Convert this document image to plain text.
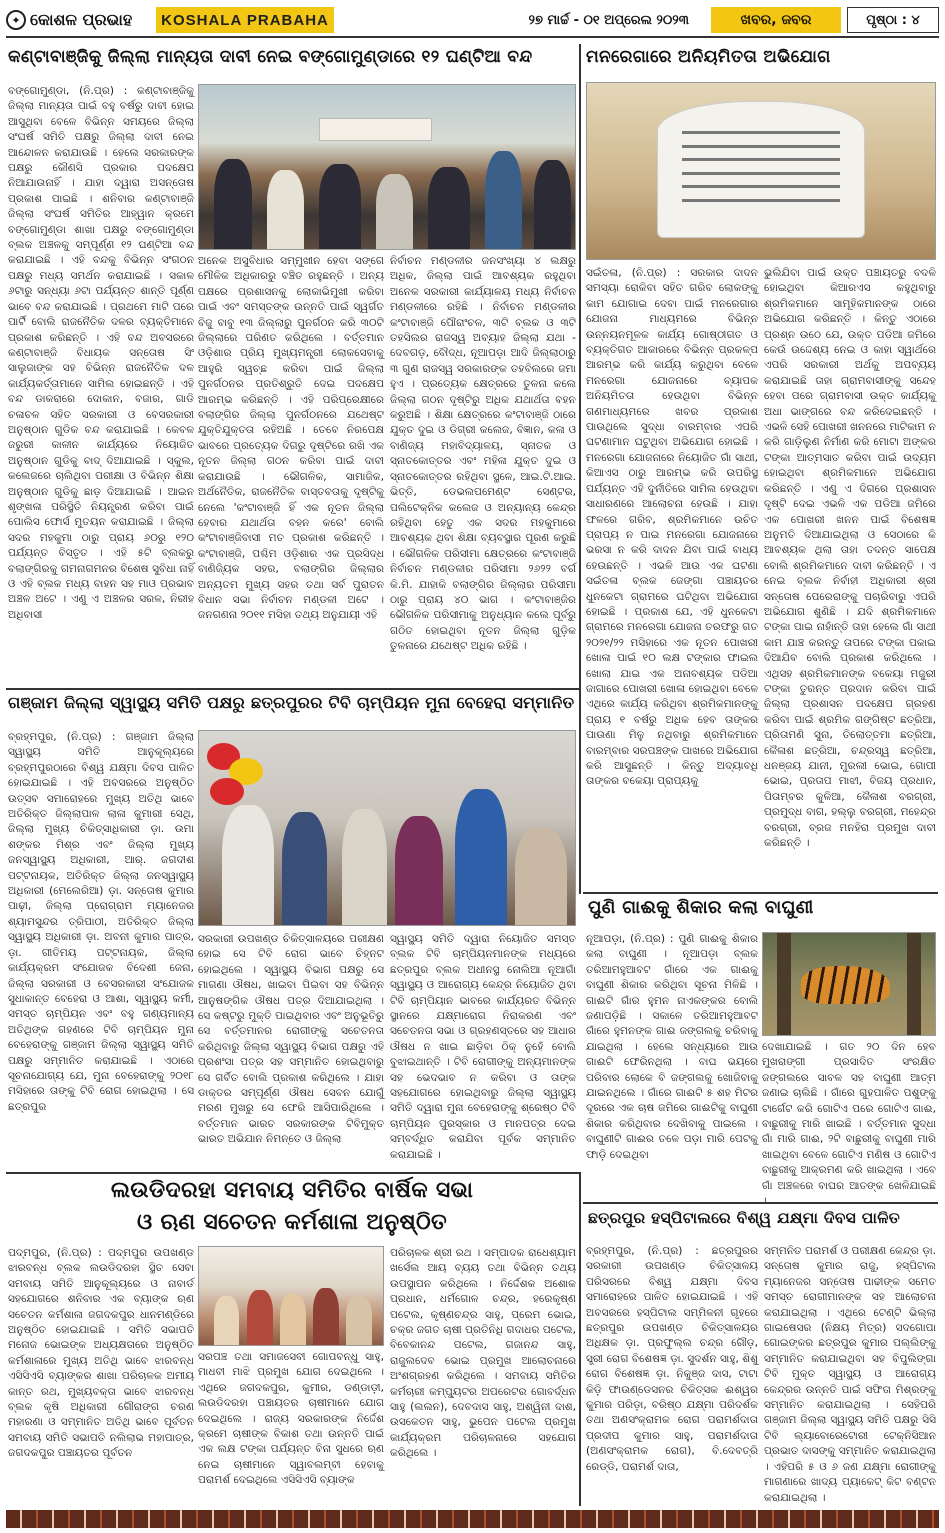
✦ କୋଶଳ ପ୍ରଭାହ	KOSHALA PRABAHA	୨୭ ମାର୍ଚ୍ଚ - ୦୧ ଅପ୍ରେଲ ୨୦୨୩	ଖବର, ଜବର	ପୃଷ୍ଠା : ୪
କଣ୍ଟାବାଞ୍ଜିକୁ ଜିଲ୍ଲା ମାନ୍ୟତା ଦାବୀ ନେଇ ବଙ୍ଗୋମୁଣ୍ଡାରେ ୧୨ ଘଣ୍ଟିଆ ବନ୍ଦ
ବଙ୍ଗୋମୁଣ୍ଡା, (ନି.ପ୍ର) : କଣ୍ଟାବାଞ୍ଜିକୁ ଜିଲ୍ଲା ମାନ୍ୟତା ପାଇଁ ବହୁ ବର୍ଷରୁ ଦାବୀ ହୋଇ ଆସୁଥିବା ବେଳେ ବିଭିନ୍ନ ସମୟରେ ଜିଲ୍ଲା ସଂଘର୍ଷ ସମିତି ପକ୍ଷରୁ ଜିଲ୍ଲା ଦାବୀ ନେଇ ଆନ୍ଦୋଳନ କରାଯାଉଛି । ହେଲେ ସରକାରଙ୍କ ପକ୍ଷରୁ କୌଣସି ପ୍ରକାର ପଦକ୍ଷେପ ନିଆଯାଉନାହିଁ । ଯାହା ଦ୍ୱାରା ଅସନ୍ତୋଷ ପ୍ରକାଶ ପାଇଛି । ଶନିବାର କଣ୍ଟାବାଞ୍ଜି ଜିଲ୍ଲା ସଂଘର୍ଷ ସମିତିର ଆହ୍ୱାନ କ୍ରମେ ବଙ୍ଗୋମୁଣ୍ଡା ଶାଖା ପକ୍ଷରୁ ବଙ୍ଗୋମୁଣ୍ଡା ବ୍ଲକ ଅଞ୍ଚଳକୁ ସମ୍ପୂର୍ଣ୍ଣ ୧୨ ଘଣ୍ଟିଆ ବନ୍ଦ କରାଯାଇଛି । ଏହି ବନ୍ଦକୁ ବିଭିନ୍ନ ସଂଗଠନ ପକ୍ଷରୁ ମଧ୍ୟ ସମର୍ଥନ କରାଯାଇଛି । ସକାଳ ୬ଟାରୁ ସନ୍ଧ୍ୟା ୬ଟା ପର୍ଯ୍ୟନ୍ତ ଶାନ୍ତି ପୂର୍ଣ୍ଣ ଭାବେ ବନ୍ଦ କରାଯାଇଛି । ପ୍ରଥମେ ମାଟି ପରେ ପାର୍ଟି ବୋଲି ରାଜନୈତିକ ଦଳର ବ୍ୟକ୍ତିମାନେ ପ୍ରକାଶ କରିଛନ୍ତି । ଏହି ବନ୍ଦ ଅବସରରେ କଣ୍ଟାବାଞ୍ଜି ବିଧାୟକ ସନ୍ତୋଷ ସିଂ ସାଲୁଜାଙ୍କ ସହ ବିଭିନ୍ନ ରାଜନୈତିକ ଦଳ କାର୍ଯ୍ୟକର୍ତ୍ତାମାନେ ସାମିଲ ହୋଇଛନ୍ତି । ଏହି ବନ୍ଦ ଡାକରାରେ ଦୋକାନ, ବଜାର, ଗାଡି ଚଳାଚଳ ସହିତ ସରକାରୀ ଓ ବେସରକାରୀ ଅନୁଷ୍ଠାନ ଗୁଡିକ ବନ୍ଦ କରାଯାଇଛି । କେବଳ ଜରୁରୀ କାଳୀନ କାର୍ଯ୍ୟରେ ନିୟୋଜିତ ଅନୁଷ୍ଠାନ ଗୁଡିକୁ ବାଦ୍ ଦିଆଯାଇଛି । ସ୍କୁଲ, କଲେଜରେ ଚାଲିଥିବା ପରୀକ୍ଷା ଓ ବିଭିନ୍ନ ଶିକ୍ଷା ଅନୁଷ୍ଠାନ ଗୁଡିକୁ ଛାଡ଼ ଦିଆଯାଇଛି । ଆଇନ ଶୃଙ୍ଖଳା ପରିସ୍ଥିତି ନିୟନ୍ତ୍ରଣ କରିବା ପାଇଁ ପୋଲିସ ଫୋର୍ସ ମୁତୟନ କରାଯାଇଛି । ଜିଲ୍ଲା ସଦର ମହକୁମା ଠାରୁ ପ୍ରାୟ ୬୦ରୁ ୧୨୦ ପର୍ଯ୍ୟନ୍ତ ବିସ୍ତୃତ । ଏହି ୫ଟି ବ୍ଲକରୁ ବଲାଙ୍ଗିରକୁ ଗମନାଗମନର ବିଶେଷ ସୁବିଧା ନାହିଁ ଓ ଏହି ବ୍ଲକ ମଧ୍ୟ ବାହନ ସହ ମାଓ ପ୍ରଭାବ ଅଞ୍ଚଳ ଅଟେ । ଏଣୁ ଏ ଅଞ୍ଚଳର ସରଳ, ନିରୀହ ଅଧିବାସୀ
ଅନେକ ଅସୁବିଧାର ସମ୍ମୁଖୀନ ହେବା ସଙ୍ଗେ ମୌଳିକ ଅଧିକାରରୁ ବଞ୍ଚିତ ରହୁଛନ୍ତି । ଅନ୍ୟ ପକ୍ଷରେ ପ୍ରଶାସନକୁ ଲୋକାଭିମୁଖୀ କରିବା ପାଇଁ ଏବଂ ସମସ୍ତଙ୍କ ଉନ୍ନତି ପାଇଁ ସ୍ୱର୍ଗତ ବିଜୁ ବାବୁ ୧୩ ଜିଲ୍ଲାରୁ ପୁନର୍ଗଠନ କରି ୩୦ଟି ଜିଲ୍ଲାରେ ପରିଣତ କରିଥିଲେ । ବର୍ତ୍ତମାନ ଓଡ଼ିଶାର ପ୍ରିୟ ମୁଖ୍ୟମନ୍ତ୍ରୀ ଲୋକସେବାକୁ ଆହୁରି ସ୍ୱଚ୍ଛ କରିବା ପାଇଁ ଜିଲ୍ଲା ପୁନର୍ଗଠନର ପ୍ରତିଶ୍ରୁତି ଦେଇ ପଦକ୍ଷେପ ଆରମ୍ଭ କରିଛନ୍ତି । ଏହି ପରିପ୍ରେକ୍ଷୀରେ ବଲାଙ୍ଗିର ଜିଲ୍ଲା ପୁନର୍ଗଠନରେ ଯଥେଷ୍ଟ ଯୁକ୍ତିଯୁକ୍ତତା ରହିଅଛି । ତେବେ ନିରପେକ୍ଷ ଭାବରେ ପ୍ରତ୍ୟେକ ଦିଗରୁ ଦୃଷ୍ଟିରେ ରଖି ଏକ ନୂତନ ଜିଲ୍ଲା ଗଠନ କରିବା ପାଇଁ ଦାବୀ କରାଯାଉଛି । ଭୌଗଳିକ, ସାମାଜିକ, ଅର୍ଥନୈତିକ, ରାଜନୈତିକ ବାସ୍ତବତାକୁ ଦୃଷ୍ଟିକୁ ନେଲେ 'କଂଟାବାଞ୍ଜି ହିଁ ଏକ ନୂତନ ଜିଲ୍ଲା ହେବାର ଯଥାର୍ଥତା ବହନ କରେ' ବୋଲି କଂଟାବାଞ୍ଜିବାସୀ ମତ ପ୍ରକାଶ କରିଛନ୍ତି । କଂଟାବାଞ୍ଜି, ପଶ୍ଚିମ ଓଡ଼ିଶାର ଏକ ପ୍ରସିଦ୍ଧ ବାଣିଜ୍ୟିକ ସହର, ବଲାଙ୍ଗିର ଜିଲ୍ଲାର ଅନ୍ୟତମ ମୁଖ୍ୟ ସହର ତଥା ସର୍ବ ପୁରାତନ ବିଧାନ ସଭା ନିର୍ବାଚନ ମଣ୍ଡଳୀ ଅଟେ । ଜନଗଣନା ୨୦୧୧ ମସିହା ତଥ୍ୟ ଅନୁଯାୟୀ ଏହି
ନିର୍ବାଚନ ମଣ୍ଡଳୀର ଜନସଂଖ୍ୟା ୪ ଲକ୍ଷରୁ ଅଧିକ, ଜିଲ୍ଲା ପାଇଁ ଆବଶ୍ୟକ ରହୁଥିବା ଅନେକ ସରକାରୀ କାର୍ଯ୍ୟାଳୟ ମଧ୍ୟ ନିର୍ବାଚନ ମଣ୍ଡଳୀରେ ରହିଛି । ନିର୍ବାଚନ ମଣ୍ଡଳୀର କଂଟାବାଞ୍ଜି ପୌରାଂଚଳ, ୩ଟି ବ୍ଲକ ଓ ୩ଟି ତହସିଲର ରାଜସ୍ୱ ଅବ୍ୟାହ ଜିଲ୍ଲା ଯଥା - ଦେବଗଡ଼, ବୌଦ୍ଧ, ନୂଆପଡ଼ା ଆଦି ଜିଲ୍ଲାଠାରୁ ୩ ଗୁଣ ରାଜସ୍ୱ ସରକାରଙ୍କ ତହବିଲରେ ଜମା ହୁଏ । ପ୍ରତ୍ୟେକ କ୍ଷେତ୍ରରେ ତୁଳନା କଲେ ଜିଲ୍ଲା ଗଠନ ଦୃଷ୍ଟିରୁ ଅଧିକ ଯଥାର୍ଥତା ବହନ କରୁଅଛି । ଶିକ୍ଷା କ୍ଷେତ୍ରରେ କଂଟାବାଞ୍ଜି ଠାରେ ଯୁକ୍ତ ଦୁଇ ଓ ଡିଗ୍ରୀ କଲେଜ, ବିଜ୍ଞାନ, କଳା ଓ ବାଣିଜ୍ୟ ମହାବିଦ୍ୟାଳୟ, ସ୍ନାତକ ଓ ସ୍ନାତକୋତ୍ତର ଏବଂ ମହିଳା ଯୁକ୍ତ ଦୁଇ ଓ ସ୍ନାତକୋତ୍ତର ରହିଥିବା ସ୍ଥଳେ, ଆଇ.ଟି.ଆଇ. ଭିତ୍ତି, ଡେଭଲପମେଣ୍ଟ ସେଣ୍ଟର, ପଲିଟେକ୍ନିକ କଲେଜ ଓ ଅନ୍ୟାନ୍ୟ କେନ୍ଦ୍ର ରହିଥିବା ହେତୁ ଏକ ସଦର ମହକୁମାରେ ଆବଶ୍ୟକ ଥିବା ଶିକ୍ଷା ବ୍ୟବସ୍ଥାର ପୂରଣ କରୁଛି । ଭୌଗଳିକ ପରିସୀମା କ୍ଷେତ୍ରରେ କଂଟାବାଞ୍ଜି ନିର୍ବାଚନ ମଣ୍ଡଳୀର ପରିସୀମା ୨୬୨୨ ବର୍ଗ କି.ମି. ଯାହାକି ବଲାଙ୍ଗିର ଜିଲ୍ଲାର ପରିସୀମା ଠାରୁ ପ୍ରାୟ ୪୦ ଭାଗ । କଂଟାବାଞ୍ଜିର ଭୌଗଳିକ ପରିସୀମାକୁ ଅନୁଧ୍ୟାନ କଲେ ପୂର୍ବରୁ ଗଠିତ ହୋଇଥିବା ନୂତନ ଜିଲ୍ଲା ଗୁଡ଼ିକ ତୁଳନାରେ ଯଥେଷ୍ଟ ଅଧିକ ରହିଛି ।
ମନରେଗାରେ ଅନିୟମିତତା ଅଭିଯୋଗ
ସଇଁତଳା, (ନି.ପ୍ର) : ସରକାର ଦାଦନ ସମସ୍ୟା ରୋକିବା ସହିତ ଗରିବ ଲୋକଙ୍କୁ କାମ ଯୋଗାଇ ଦେବା ପାଇଁ ମନରେଗାର ଯୋଜନା ମାଧ୍ୟମରେ ବିଭିନ୍ନ ଉନ୍ନୟନମୂଳକ କାର୍ଯ୍ୟ ଗୋଷ୍ଠୀଗତ ଓ ବ୍ୟକ୍ତିଗତ ଆକାରରେ ବିଭିନ୍ନ ପ୍ରକଳ୍ପ ଆରମ୍ଭ କରି କାର୍ଯ୍ୟ କରୁଥିବା ବେଳେ ମନରେଗା ଯୋଜନାରେ ବ୍ୟାପକ ଅନିୟମିତତା ହେଉଥିବା ବିଭିନ୍ନ ଗଣମାଧ୍ୟମରେ ଖବର ପ୍ରକାଶ ପାଉଥିଲେ ସୁଦ୍ଧା ବାରମ୍ବାର ଏପରି ଘଟଣାମାନ ଘଟୁଥିବା ଅଭିଯୋଗ ହୋଇଛି । ମନରେଗା ଯୋଜନାରେ ନିୟୋଜିତ ଗାଁ ସାଥୀ, କିଆଏସ ଠାରୁ ଆରମ୍ଭ କରି ଉପରିସ୍ଥ ପର୍ଯ୍ୟନ୍ତ ଏହି ଦୁର୍ନୀତିରେ ସାମିଲ ହେଉଥିବା ସାଧାରଣରେ ଆଲୋଚନା ହେଉଛି । ଯାହା ଫଳରେ ଗରିବ, ଶ୍ରମିକମାନେ ଉଚିତ ପ୍ରାପ୍ୟ ନ ପାଇ ମନରେଗା ଯୋଜନାରେ ଭରସା ନ କରି ଦାଦନ ଯିବା ପାଇଁ ବାଧ୍ୟ ହେଉଛନ୍ତି । ଏଭଳି ଆଉ ଏକ ଘଟଣା ସଇଁତଳା ବ୍ଲକ ଜେଙ୍ଗା ପଞ୍ଚାୟତର ଧୁନକେଟା ଗ୍ରାମରେ ଘଟିଥିବା ଅଭିଯୋଗ ହୋଇଛି । ପ୍ରକାଶ ଯେ, ଏହି ଧୁନକେଟା ଗ୍ରାମରେ ମନରେଗା ଯୋଜନା ତରଫରୁ ଗତ ୨୦୨୧/୨୨ ମସିହାରେ ଏକ ନୂତନ ପୋଖରୀ ଖୋଳା ପାଇଁ ୧୦ ଲକ୍ଷ ଟଙ୍କାର ଫାଇଲ ଖୋଲା ଯାଇ ଏକ ଅନାବଶ୍ୟକ ପଡିଆ ଜାଗାରେ ପୋଖରୀ ଖୋଳା ହୋଇଥିବା ବେଳେ ଏଥିରେ କାର୍ଯ୍ୟ କରିଥିବା ଶ୍ରମିକମାନଙ୍କୁ ପ୍ରାୟ ୧ ବର୍ଷରୁ ଅଧିକ ହେବ ତାଙ୍କର ପାଉଣା ମିଳୁ ନଥିବାରୁ ଶ୍ରମିକମାନେ ବାରମ୍ବାର ସରପଞ୍ଚଙ୍କ ପାଖରେ ଅଭିଯୋଗ କରି ଆସୁଛନ୍ତି । କିନ୍ତୁ ଅଦ୍ୟାବଧି ତାଙ୍କର ବକେୟା ପ୍ରାପ୍ୟକୁ
ଭୁଲିଯିବା ପାଇଁ ଉକ୍ତ ପଞ୍ଚାୟତରୁ ବଦଳି ହୋଇଥିବା କିଆରଏସ କହୁଥିବାରୁ ଶ୍ରମିକମାନେ ସାମୂହିକମାନଙ୍କ ଠାରେ ଅଭିଯୋଗ କରିଛନ୍ତି । କିନ୍ତୁ ଏଠାରେ ପ୍ରଶ୍ନ ଉଠେ ଯେ, ଉକ୍ତ ପଡିଆ ଜମିରେ କେଉଁ ଉଦ୍ଦେଶ୍ୟ ନେଇ ଓ କାହା ସ୍ୱାର୍ଥରେ ଏପରି ସରକାରୀ ଅର୍ଥକୁ ଅପବ୍ୟୟ କରାଯାଇଛି ତାହା ଗ୍ରାମବାସୀଙ୍କୁ ସନ୍ଦେହ ହେବା ପରେ ଗ୍ରାମବାସୀ ଉକ୍ତ କାର୍ଯ୍ୟକୁ ଅଧା ଭାଙ୍ଗରେ ବନ୍ଦ କରିଦେଇଛନ୍ତି । ଏଭଳି ସେହି ପୋଖରୀ ଖନନରେ ମାଟିକାମ ନ କରି ଗାଡ଼ିଲୁଣ ନିର୍ମାଣ କରି ମୋଟା ଅଙ୍କର ଟଙ୍କା ଆତ୍ମସାତ କରିବା ପାଇଁ ଉଦ୍ୟମ ହୋଇଥିବା ଶ୍ରମିକମାନେ ଅଭିଯୋଗ କରିଛନ୍ତି । ଏଣୁ ଏ ଦିଗରେ ପ୍ରଶାସନ ଦୃଷ୍ଟି ଦେଇ ଏଭଳି ଏକ ପଡିଆ ଜମିରେ ଏକ ପୋଖରୀ ଖନନ ପାଇଁ ବିଶେଷଜ୍ଞ ଅନୁମତି ଦିଆଯାଇଥିଲା ଓ ସେଠାରେ କି ଆବଶ୍ୟକ ଥିଲା ତାହା ତଦନ୍ତ ସାପେକ୍ଷ ବୋଲି ଶ୍ରମିକମାନେ ଦାବୀ କରିଛନ୍ତି । ଏ ନେଇ ବ୍ଲକ ନିର୍ବାହୀ ଅଧିକାରୀ ଶ୍ରୀ ସନ୍ତୋଷ ପେରେରାଙ୍କୁ ପଚାରିବାରୁ ଏପରି ଅଭିଯୋଗ ଶୁଣିଛି । ଯଦି ଶ୍ରମିକମାନେ ଟଙ୍କା ପାଇ ନାହାଁନ୍ତି ତାହା ହେଲେ ଗାଁ ସାଥୀ କାମ ଯାଞ୍ଚ କରନ୍ତୁ ତାପରେ ଟଙ୍କା ପକାଇ ଦିଆଯିବ ବୋଲି ପ୍ରକାଶ କରିଥିଲେ । ଏଥିସହ ଶ୍ରମିକମାନଙ୍କ ବକେୟା ମଜୁରୀ ଟଙ୍କା ତୁରନ୍ତ ପ୍ରଦାନ କରିବା ପାଇଁ ଜିଲ୍ଲା ପ୍ରଶାସନ ପଦକ୍ଷେପ ଗ୍ରହଣ କରିବା ପାଇଁ ଶ୍ରମିକ ଗଙ୍ଗିଷ୍ଟ ଛତ୍ରିଆ, ପ୍ରିତାମଣି ସୁନା, ତିଲୋତ୍ତମା ଛତ୍ରିଆ, କୈଳାଶ ଛତ୍ରିଆ, ଚନ୍ଦ୍ରସ୍ୱ ଛତ୍ରିଆ, ଧନଞ୍ଜୟ ଯାନୀ, ମୁରଲୀ ଭୋଇ, ଗୋପୀ ଭୋଇ, ପ୍ରତାପ ମାଝୀ, ବିଜୟ ପ୍ରଧାନ, ପିତାମ୍ବର କୁଳିଆ, କୈଳାଶ ବରଗ୍ରୀ, ପ୍ରମୁଦ୍ଧ ବାଗ, ହଲ୍ଲୁ ବରଗ୍ରୀ, ମହେନ୍ଦ୍ର ବରଗ୍ରୀ, ବ୍ରଜ ମନହିରା ପ୍ରମୁଖ ଦାବୀ କରିଛନ୍ତି ।
ଗଞ୍ଜାମ ଜିଲ୍ଲା ସ୍ୱାସ୍ଥ୍ୟ ସମିତି ପକ୍ଷରୁ ଛତ୍ରପୁରର ଟିବି ଚାମ୍ପିୟନ ମୁନା ବେହେରା ସମ୍ମାନିତ
ବ୍ରହ୍ମପୁର, (ନି.ପ୍ର) : ଗଞ୍ଜାମ ଜିଲ୍ଲା ସ୍ୱାସ୍ଥ୍ୟ ସମିତି ଆନୁକୂଲ୍ୟରେ ବ୍ରହ୍ମପୁରଠାରେ ବିଶ୍ୱ ଯକ୍ଷ୍ମା ଦିବସ ପାଳିତ ହୋଇଯାଇଛି । ଏହି ଅବସରରେ ଅନୁଷ୍ଠିତ ଉତ୍ସବ ସମାରୋହରେ ମୁଖ୍ୟ ଅତିଥି ଭାବେ ଅତିରିକ୍ତ ଜିଲ୍ଲାପାଳ ଲାଳା କୁମାରୀ ସେଥି, ଜିଲ୍ଲା ମୁଖ୍ୟ ଚିକିତ୍ସାଧିକାରୀ ଡ଼ା. ଉମା ଶଙ୍କର ମିଶ୍ର ଏବଂ ଜିଲ୍ଲା ମୁଖ୍ୟ ଜନସ୍ୱାସ୍ଥ୍ୟ ଅଧିକାରୀ, ଆର୍. ଜଗଦୀଶ ପଟ୍ଟନାୟକ, ଅତିରିକ୍ତ ଜିଲ୍ଲା ଜନସ୍ୱାସ୍ଥ୍ୟ ଅଧିକାରୀ (ମେଲେରିଆ) ଡ଼ା. ସନ୍ତୋଷ କୁମାର ପାଢ଼ୀ, ଜିଲ୍ଲା ପ୍ରୋଗ୍ରାମ ମ୍ୟାନେଜର ଶ୍ୟାମସୁନ୍ଦର ତ୍ରିପାଠୀ, ଅତିରିକ୍ତ ଜିଲ୍ଲା ସ୍ୱାସ୍ଥ୍ୟ ଅଧିକାରୀ ଡ଼ା. ଅବନୀ କୁମାର ପାତ୍ର, ଡ଼ା. ଗୀତିମୟ ପଟ୍ଟନାୟକ, ଜିଲ୍ଲା କାର୍ଯ୍ୟକ୍ରମ ସଂଯୋଜକ ବିଦେଶୀ ଜେନା, ଜିଲ୍ଲା ସରକାରୀ ଓ ବେସରକାରୀ ସଂଯୋଜକ ସୁଧାକାନ୍ତ ବେହେରା ଓ ଆଶା, ସ୍ୱାସ୍ଥ୍ୟ କର୍ମୀ, ସମସ୍ତ ଚାମ୍ପିୟନ ଏବଂ ବହୁ ଗଣ୍ୟମାନ୍ୟ ଅତିଥିଙ୍କ ଗହଣରେ ଟିବି ଚାମ୍ପିୟନ ମୁନା ବେହେରାଙ୍କୁ ଗଞ୍ଜାମ ଜିଲ୍ଲା ସ୍ୱାସ୍ଥ୍ୟ ସମିତି ପକ୍ଷରୁ ସମ୍ମାନିତ କରାଯାଇଛି । ଏଠାରେ ସୂଚନାଯୋଗ୍ୟ ଯେ, ମୁନା ବେହେରାଙ୍କୁ ୨୦୧୮ ମସିହାରେ ତାଙ୍କୁ ଟିବି ରୋଗ ହୋଇଥିଲା । ସେ ଛତ୍ରପୁର
ସରକାରୀ ଉପଖଣ୍ଡ ଚିକିତ୍ସାଳୟରେ ପରୀକ୍ଷଣ ହୋଇ ସେ ଟିବି ରୋଗ ଭାବେ ଚିହ୍ନଟ ହୋଇଥିଲେ । ସ୍ୱାସ୍ଥ୍ୟ ବିଭାଗ ପକ୍ଷରୁ ସେ ମାଗଣା ଔଷଧ, ଖାଇବା ପିଇବା ସହ ବିଭିନ୍ନ ଆନୁଷଙ୍ଗିକ ଔଷଧ ପତ୍ର ଦିଆଯାଇଥିଲା । ସେ କଷ୍ଟରୁ ମୁକ୍ତି ପାଇଥିବାର ଏବଂ ଅନୁଭୂତିରୁ ସେ ବର୍ତ୍ତମାନର ରୋଗୀଙ୍କୁ ସଚେତନତା କରିଥିବାରୁ ଜିଲ୍ଲା ସ୍ୱାସ୍ଥ୍ୟ ବିଭାଗ ପକ୍ଷରୁ ଏହି ପ୍ରଶଂସା ପତ୍ର ସହ ସମ୍ମାନିତ ହୋଇଥିବାରୁ ସେ ଗର୍ବିତ ବୋଲି ପ୍ରକାଶ କରିଥିଲେ । ଯାହା ଡାକ୍ତର ସମ୍ପୂର୍ଣ୍ଣ ଔଷଧ ସେବନ ଯୋଗୁଁ ମରଣ ମୁଖରୁ ସେ ଫେରି ଆସିପାରିଥିଲେ । ବର୍ତ୍ତମାନ ଭାରତ ସରକାରଙ୍କ ଟିବିମୁକ୍ତ ଭାରତ ଅଭିଯାନ ନିମନ୍ତେ ଓ ଜିଲ୍ଲା
ସ୍ୱାସ୍ଥ୍ୟ ସମିତି ଦ୍ୱାରା ନିୟୋଜିତ ସମସ୍ତ ବ୍ଲକ ଟିବି ଚାମ୍ପିୟନମାନଙ୍କ ମଧ୍ୟରେ ଛତ୍ରପୁର ବ୍ଲକ ଅଧୀନସ୍ଥ ନୋଲିଆ ନୂଆଗାଁ ସ୍ୱାସ୍ଥ୍ୟ ଓ ଆରୋଗ୍ୟ କେନ୍ଦ୍ର ନିୟୋଜିତ ଥିବା ଟିବି ଚାମ୍ପିୟାନ ଭାବରେ କାର୍ଯ୍ୟରତ ବିଭିନ୍ନ ସ୍ଥାନରେ ଯକ୍ଷ୍ମାରୋଗ ନିରାକରଣ ଏବଂ ସଚେତନତା ସଭା ଓ ଗ୍ରହଣସ୍ତରେ ସହ ଆଧାର ଔଷଧ ନ ଖାଇ ଛାଡ଼ିବା ଠିକ୍ ନୁହେଁ ବୋଲି ବୁଝାଇଥାନ୍ତି । ଟିବି ରୋଗୀଙ୍କୁ ଅନ୍ୟମାନଙ୍କ ସହ ଭେଦଭାବ ନ କରିବା ଓ ତାଙ୍କ ସହଯୋଗରେ ହୋଇଥିବାରୁ ଜିଲ୍ଲା ସ୍ୱାସ୍ଥ୍ୟ ସମିତି ଦ୍ୱାରା ମୁନା ବେହେରାଙ୍କୁ ଶ୍ରେଷ୍ଠ ଟିବି ଚାମ୍ପିୟନ ପୁରସ୍କାର ଓ ମାନପତ୍ର ଦେଇ ସମ୍ବର୍ଦ୍ଧିତ କରାଯିବା ପୂର୍ବକ ସମ୍ମାନିତ କରାଯାଇଛି ।
ପୁଣି ଗାଈକୁ ଶିକାର କଲା ବାଘୁଣୀ
ନୂଆପଡ଼ା, (ନି.ପ୍ର) : ପୁଣି ଗାଈକୁ ଶିକାର କଲା ବାଘୁଣୀ । ନୂଆପଡ଼ା ବ୍ଲକ ତରିଆମହୁଆବଟ ଗାଁରେ ଏକ ଗାଈକୁ ବାଘୁଣୀ ଶିକାର କରିଥିବା ସୂଚନା ମିଳିଛି । ଗାଈଟି ଗାଁର ହୁମନ ନାଏକଙ୍କର ବୋଲି ଜଣାପଡ଼ିଛି । ସକାଳେ ତରିଆମହୁଆବଟ ଗାଁରେ ହୁମନଙ୍କ ଗାଈ ଜଙ୍ଗଲକୁ ଚରିବାକୁ ଯାଇଥିଲା । ହେଲେ ସନ୍ଧ୍ୟାରେ ଆଉ ଗାଈଟି ଫେରିନଥିଲା । ବାଘ ଭୟରେ ପରିବାର ଲୋକେ ବି ଜଙ୍ଗଲକୁ ଖୋଜିବାକୁ ଯାଇନଥିଲେ । ଗାଁରେ ଗାଈଟି ୫ ଶହ ମିଟର ଦୂରରେ ଏକ ଚାଷ ଜମିରେ ଗାଈଟିକୁ ବାଘୁଣୀ ଶିକାର କରିଥିବାର ଦେଖିବାକୁ ପାଇଲେ । ବାଘୁଣୀଟି ଗାଈର ତଳେ ପଡ଼ା ମାରି ପେଟକୁ ଫାଡ଼ି ଦେଇଥିବା
ଦେଖାଯାଇଛି । ଗତ ୨୦ ଦିନ ହେବ ମୁଖରାଙ୍ଗୀ ପ୍ରସାଦିତ ସଂରକ୍ଷିତ ଜଙ୍ଗଲରେ ସାବଳ ସହ ବାଘୁଣୀ ଆତ୍ମ ଜଣାଇ ଚାଲିଛି । ଗାଁରେ ଗୁହପାଳିତ ପଶୁଙ୍କୁ ଟାର୍ଗେଟ କରି ଗୋଟିଏ ପରେ ଗୋଟିଏ ଗାଈ, ବାଛୁରୀକୁ ମାରି ଖାଇଛି । ବର୍ତ୍ତମାନ ସୁଦ୍ଧା ଗାଁ ମାରି ଗାଈ, ୨ଟି ବାଛୁରୀକୁ ବାଘୁଣୀ ମାରି ଖାଇଥିବା ବେଳେ ଗୋଟିଏ ମଣିଷ ଓ ଗୋଟିଏ ବାଛୁରୀକୁ ଆକ୍ରମଣ କରି ଖାଇଥିଲା । ଏବେ ଗାଁ ଅଞ୍ଚଳରେ ବାଘର ଆତଙ୍କ ଖେଳିଯାଇଛି
ଲଉଡିଦରହା ସମବାୟ ସମିତିର ବାର୍ଷିକ ସଭା
ଓ ଋଣ ସଚେତନ କର୍ମଶାଳା ଅନୁଷ୍ଠିତ
ପଦ୍ମପୁର, (ନି.ପ୍ର) : ପଦ୍ମପୁର ଉପଖଣ୍ଡ ଝାରବନ୍ଧ ବ୍ଲକ ଲଉଡିଦରହା ସ୍ଥିତ ସେବା ସମବାୟ ସମିତି ଆନୁକୂଲ୍ୟରେ ଓ ନାବାର୍ଡ ସହଯୋଗରେ ଶନିବାର ଏକ ବ୍ୟାଙ୍କ ଋଣ ସଚେତନ କର୍ମଶାଳା ଜଗଦକପୁର ଧାନମଣ୍ଡିରେ ଅନୁଷ୍ଠିତ ହୋଇଯାଇଛି । ସମିତି ସଭାପତି ମନୋଜ ଭୋଇଙ୍କ ଅଧ୍ୟକ୍ଷତାରେ ଅନୁଷ୍ଠିତ କର୍ମଶାଳାରେ ମୁଖ୍ୟ ଅତିଥି ଭାବେ ଝାରବନ୍ଧ ଏସିସିଏସି ବ୍ୟାଙ୍କର ଶାଖା ପରିଚାଳକ ଅମୀୟ କାନ୍ତ ରଥ, ମୁଖ୍ୟବକ୍ତା ଭାବେ ଝାରବନ୍ଧ ବ୍ଲକ କୃଷି ଅଧିକାରୀ ଗୌରାଙ୍ଗ ଚରଣ ମହାରଣା ଓ ସମ୍ମାନିତ ଅତିଥି ଭାବେ ପୂର୍ବତନ ସମବାୟ ସମିତି ସଭାପତି ନଲିଲାଭ ମହାପାତ୍ର, ଜଗଦକପୁର ପଞ୍ଚାୟତର ପୂର୍ବତନ
ସରପଞ୍ଚ ତଥା ସମାଜସେବୀ ଗୋପବନ୍ଧୁ ସାହୁ, ମାଧବୀ ମାଝି ପ୍ରମୁଖ ଯୋଗ ଦେଇଥିଲେ । ଏଥିରେ ଜଗଦକପୁର, କୁମୀର, ଡଣ୍ଡାଡ଼ୀ, ଲଉଡିଦରହା ପଞ୍ଚାୟତର ଚାଷୀମାନେ ଯୋଗ ଦେଇଥିଲେ । ରାଜ୍ୟ ସରକାରଙ୍କ ନିର୍ଦ୍ଦେଶ କ୍ରମେ ଚାଷୀଙ୍କ ବିକାଶ ତଥା ଉନ୍ନତି ପାଇଁ ଏକ ଲକ୍ଷ ଟଙ୍କା ପର୍ଯ୍ୟନ୍ତ ବିନା ସୁଧରେ ଋଣ ନେଇ ଚାଷୀମାନେ ସ୍ୱାବଲମ୍ବୀ ହେବାକୁ ପରାମର୍ଶ ଦେଇଥିଲେ ଏସିସିଏସି ବ୍ୟାଙ୍କ
ପରିଚାଳକ ଶ୍ରୀ ରଥ । ସମ୍ପାଦକ ରାଧେଶ୍ୟାମ ଖର୍ସେଲ ଆୟ ବ୍ୟୟ ତଥା ବିଭିନ୍ନ ତଥ୍ୟ ଉପସ୍ଥାପନ କରିଥିଲେ । ନିର୍ଦ୍ଦେଶକ ଅଶୋକ ପ୍ରଧାନ, ଧର୍ମଗୋଳ ଚନ୍ଦ୍ର, ହରେକୃଷ୍ଣ ପଟେଲ, କୃଷ୍ଣଚନ୍ଦ୍ର ସାହୁ, ପ୍ରେମ ଭୋଇ, ଚକ୍ର ଜଗତ ଚାଷୀ ପ୍ରତିନିଧି ଗଦାଧର ପଟେଲ, ବିବେକାନନ୍ଦ ପଟେଲ, ଗଜାନନ୍ଦ ସାହୁ, ରାଜୁଲଦେବ ଭୋଇ ପ୍ରମୁଖ ଆଲୋଚନାରେ ଅଂଶଗ୍ରହଣ କରିଥିଲେ । ସମବାୟ ସମିତିର କର୍ମଚାରୀ କମ୍ପ୍ୟୁଟର ଅପରେଟର ଗୋବର୍ଦ୍ଧନ ସାହୁ (ଲଲନ), ଦେବଦାସ ସାହୁ, ଅଶ୍ୱିନୀ ଦାଶ, ଉସକେତନ ସାହୁ, ଭୁପେନ ପଟେଲ ପ୍ରମୁଖ କାର୍ଯ୍ୟକ୍ରମ ପରିଚାଳନାରେ ସହଯୋଗ କରିଥିଲେ ।
ଛତ୍ରପୁର ହସ୍ପିଟାଲରେ ବିଶ୍ୱ ଯକ୍ଷ୍ମା ଦିବସ ପାଳିତ
ବ୍ରହ୍ମପୁର, (ନି.ପ୍ର) : ଛତ୍ରପୁରର ସରକାରୀ ଉପଖଣ୍ଡ ଚିକିତ୍ସାଳୟ ପରିସରରେ ବିଶ୍ୱ ଯକ୍ଷ୍ମା ଦିବସ ସମାରୋହରେ ପାଳିତ ହୋଇଯାଇଛି । ଏହି ଅବସରରେ ହସ୍ପିଟାଲ ସମ୍ମିଳନୀ ଗୃହରେ ଛତ୍ରପୁର ଉପଖଣ୍ଡ ଚିକିତ୍ସାଳୟର ଅଧିକ୍ଷକ ଡ଼ା. ପ୍ରଫୁଲ୍ଲ ଚନ୍ଦ୍ର ଗୌଡ଼, ସ୍ତ୍ରୀ ରୋଗ ବିଶେଷଜ୍ଞ ଡ଼ା. ସୁଦର୍ଶନ ସାହୁ, ଶିଶୁ ରୋଗ ବିଶେଷଜ୍ଞ ଡ଼ା. ନିକୁଞ୍ଜ ଦାସ, ଟାଟା କିଡ଼ି ଫାଉଣ୍ଡେସନର ଚିକିତ୍ସକ ଈଶ୍ୱର କୁମାର ପରିଡ଼ା, ବରିଷ୍ଠ ଯକ୍ଷ୍ମା ପରିଦର୍ଶକ ତଥା ଅଣସଂକ୍ରାମକ ରୋଗ ପରାମର୍ଶଦାତା ପ୍ରଦୀପ କୁମାର ସାହୁ, ପରାମର୍ଶଦାତା (ଅଣସଂକ୍ରାମକ ରୋଗ), ବି.ଦେବତ୍ରି ରେଡ୍ଡି, ପରାମର୍ଶ ଦାତା,
ସମ୍ମନିତ ପରାମର୍ଶ ଓ ପରୀକ୍ଷଣ କେନ୍ଦ୍ର ଡ଼ା. ସନ୍ତୋଷ କୁମାର ରାଜୁ, ହସ୍ପିଟାଲ ମ୍ୟାନେଜର ସନ୍ତୋଷ ପାଢୀଙ୍କ ସମେତ ସମସ୍ତ ରୋଗୀମାନଙ୍କ ସହ ଆଲୋଚନା କରାଯାଇଥିଲା । ଏଥିରେ ଟେଣ୍ଟି ଭିଲ୍ଲା ଗାଇଷେସର (ନିକ୍ଷୟ ମିତ୍ର) ସଦଗୋପା ଗୋଇଙ୍କର ଛତ୍ରପୁର କୁମାର ପଲ୍ଲିଙ୍କୁ ସମ୍ମାନିତ କରାଯାଇଥିବା ସହ ବିପୁଲିଙ୍ଗା ଟିବି ମୁକ୍ତ ସ୍ୱାସ୍ଥ୍ୟ ଓ ଆରୋଗ୍ୟ କେନ୍ଦ୍ରର ଉନ୍ନତି ପାଇଁ ସଫିତା ମିଶ୍ରଙ୍କୁ ସମ୍ମାନିତ କରାଯାଇଥିଲା । ସେହିପରି ଗଞ୍ଜାମ ଜିଲ୍ଲା ସ୍ୱାସ୍ଥ୍ୟ ସମିତି ପକ୍ଷରୁ ସିସି ଟିବି ଲ୍ୟାବୋରେଟୋରୀ ଟେକ୍ନିସିଆନ ପ୍ରଭାତ ଦାସଙ୍କୁ ସମ୍ମାନିତ କରାଯାଇଥିଲା । ଏହିପରି ୫ ଓ ୬ ଜଣ ଯକ୍ଷ୍ମା ରୋଗୀଙ୍କୁ ମାଗଣାରେ ଖାଦ୍ୟ ପ୍ୟାକେଟ୍ କିଟ ବଣ୍ଟନ କରାଯାଇଥିଲା ।
